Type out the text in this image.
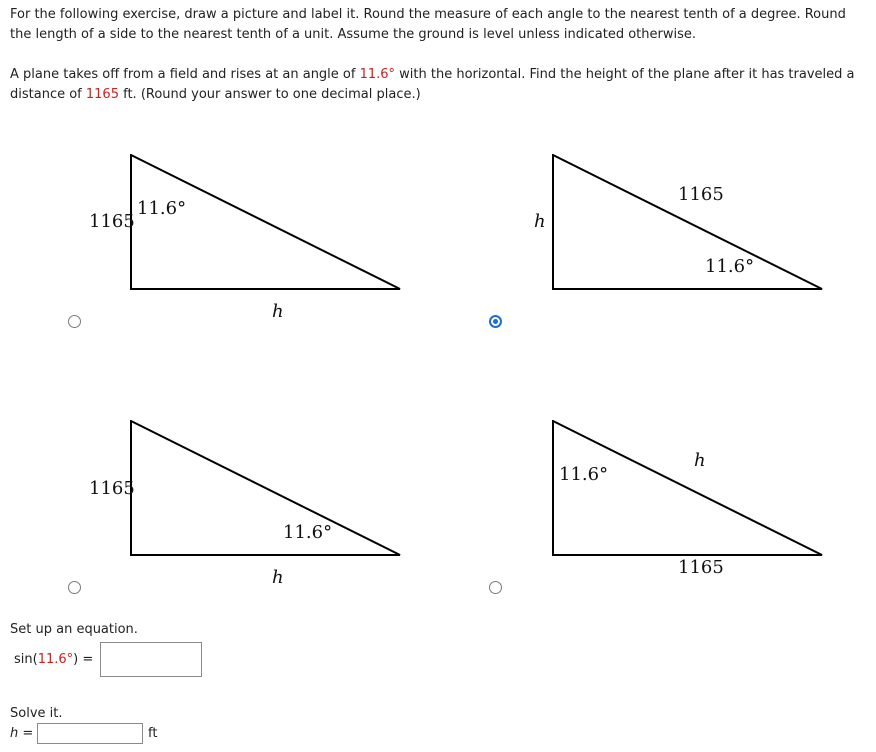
For the following exercise, draw a picture and label it. Round the measure of each angle to the nearest tenth of a degree. Round the length of a side to the nearest tenth of a unit. Assume the ground is level unless indicated otherwise.

A plane takes off from a field and rises at an angle of 11.6° with the horizontal. Find the height of the plane after it has traveled a distance of 1165 ft. (Round your answer to one decimal place.)

1165
11.6°
h
h
1165
11.6°
1165
11.6°
h
11.6°
h
1165
Set up an equation.
sin(11.6°) =
Solve it.
h =	ft
